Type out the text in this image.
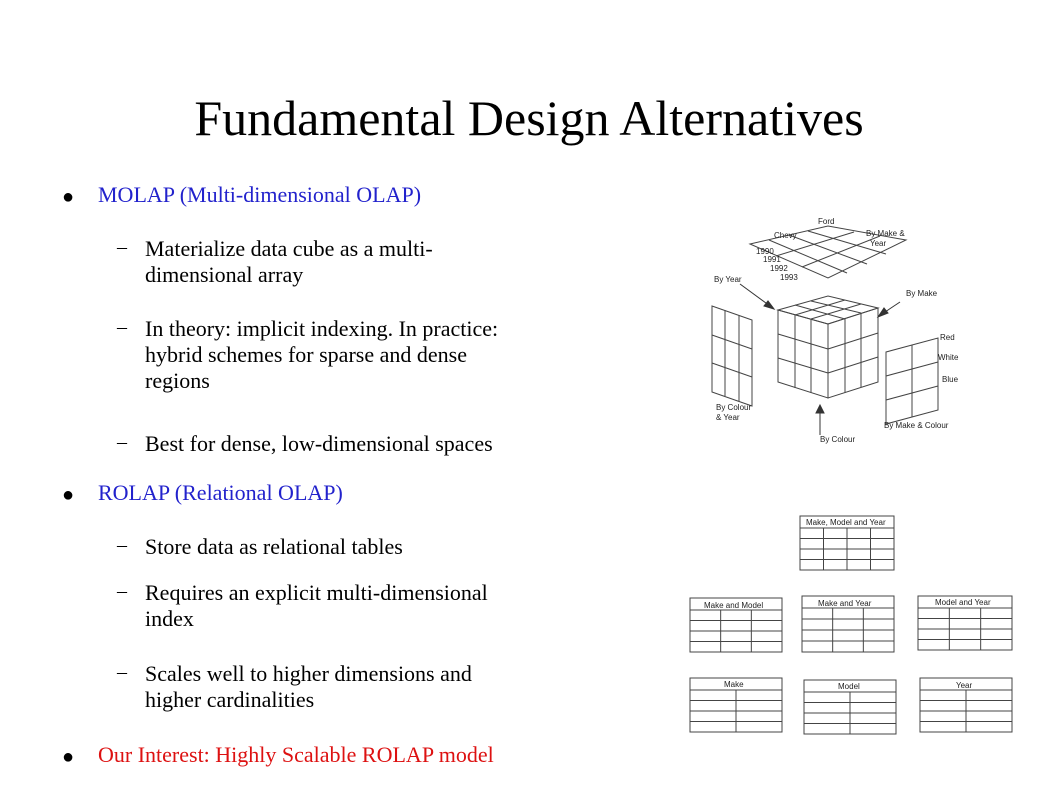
Fundamental Design Alternatives
●	MOLAP (Multi-dimensional OLAP)
– Materialize data cube as a multi-
dimensional array
– In theory: implicit indexing. In practice:
hybrid schemes for sparse and dense
regions
– Best for dense, low-dimensional spaces
●	ROLAP (Relational OLAP)
– Store data as relational tables
– Requires an explicit multi-dimensional
index
– Scales well to higher dimensions and
higher cardinalities
●	Our Interest: Highly Scalable ROLAP model
Ford
Chevy	By Make &
Year
1990
1991
1992
1993
By Year
By Make
Red
White
Blue
By Colour
& Year
By Make & Colour
By Colour
Make, Model and Year
Make and Model	Make and Year	Model and Year
Make	Model	Year
